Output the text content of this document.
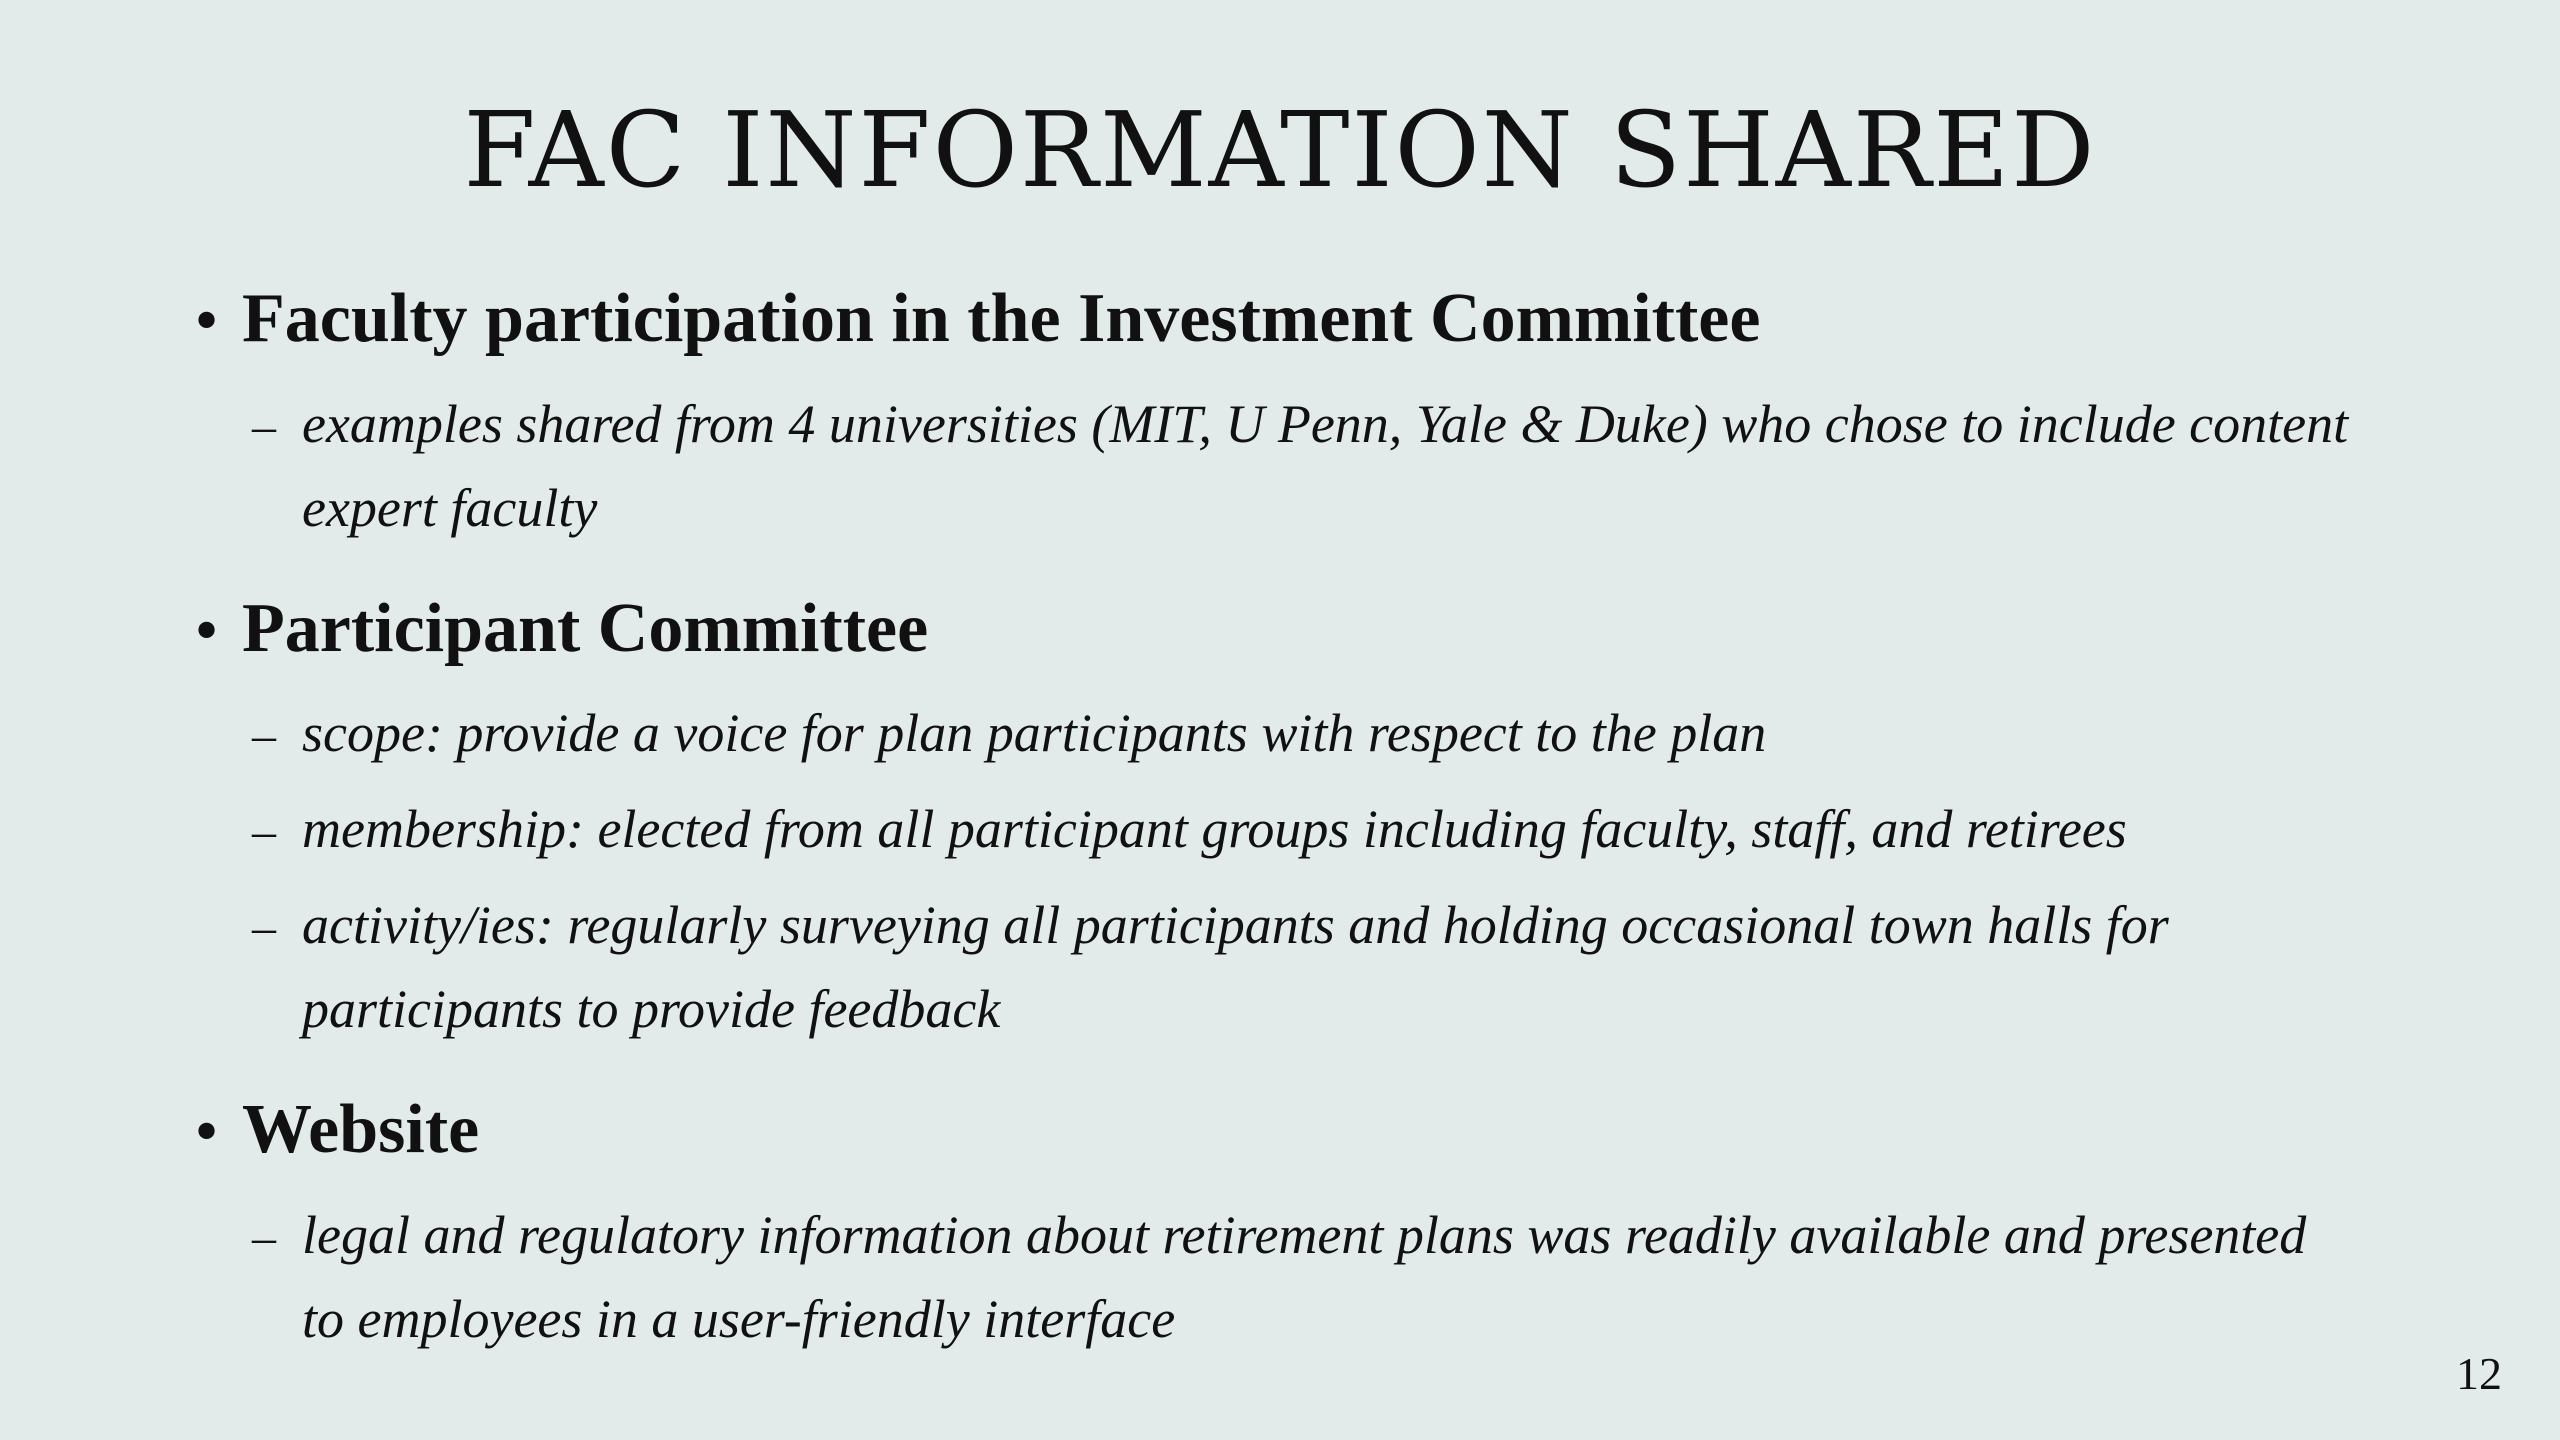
FAC INFORMATION SHARED
• Faculty participation in the Investment Committee
– examples shared from 4 universities (MIT, U Penn, Yale & Duke) who chose to include content expert faculty
• Participant Committee
– scope: provide a voice for plan participants with respect to the plan
– membership: elected from all participant groups including faculty, staff, and retirees
– activity/ies: regularly surveying all participants and holding occasional town halls for participants to provide feedback
• Website
– legal and regulatory information about retirement plans was readily available and presented to employees in a user-friendly interface
12
